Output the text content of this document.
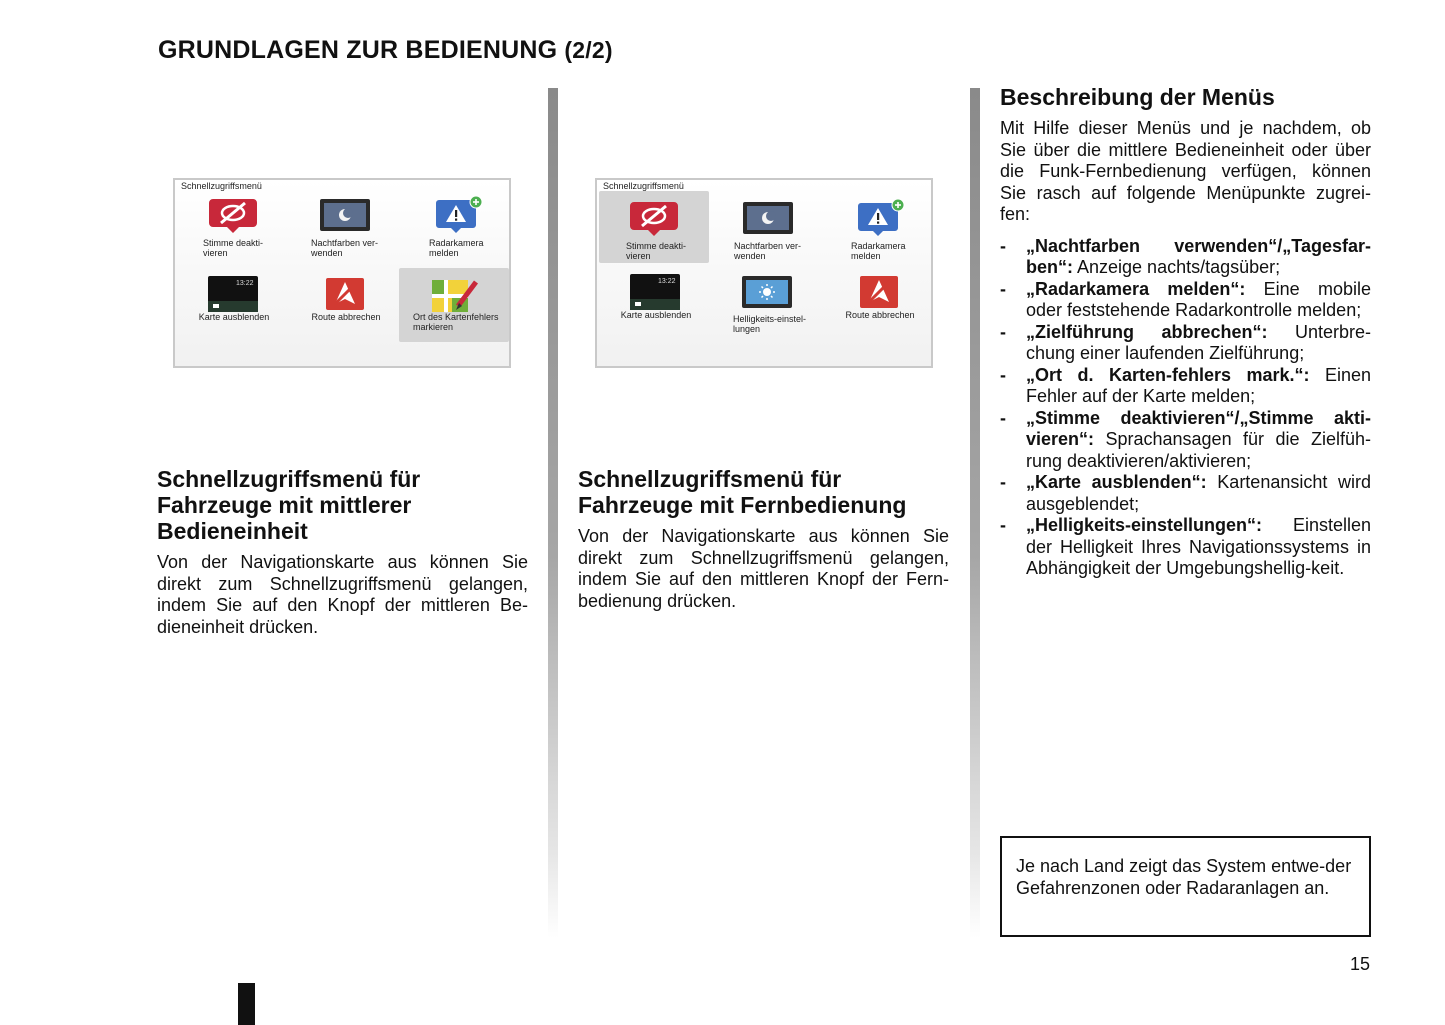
GRUNDLAGEN ZUR BEDIENUNG (2/2)
Schnellzugriffsmenü
Stimme deakti-
vieren
Nachtfarben ver-
wenden
Radarkamera
melden
13:22
Karte ausblenden	Route abbrechen	Ort des Kartenfehlers
markieren
Schnellzugriffsmenü
Stimme deakti-
vieren
Nachtfarben ver-
wenden
Radarkamera
melden
13:22
Karte ausblenden	Helligkeits-einstel-
lungen
Route abbrechen
Schnellzugriffsmenü für Fahrzeuge mit mittlerer Bedieneinheit

Von der Navigationskarte aus können Sie direkt zum Schnellzugriffsmenü gelangen, indem Sie auf den Knopf der mittleren Be-dieneinheit drücken.

Schnellzugriffsmenü für Fahrzeuge mit Fernbedienung

Von der Navigationskarte aus können Sie direkt zum Schnellzugriffsmenü gelangen, indem Sie auf den mittleren Knopf der Fern-bedienung drücken.

Beschreibung der Menüs

Mit Hilfe dieser Menüs und je nachdem, ob Sie über die mittlere Bedieneinheit oder über die Funk-Fernbedienung verfügen, können Sie rasch auf folgende Menüpunkte zugrei-fen:

- „Nachtfarben verwenden“/„Tagesfar-ben“: Anzeige nachts/tagsüber;
- „Radarkamera melden“: Eine mobile oder feststehende Radarkontrolle melden;
- „Zielführung abbrechen“: Unterbre-chung einer laufenden Zielführung;
- „Ort d. Karten-fehlers mark.“: Einen Fehler auf der Karte melden;
- „Stimme deaktivieren“/„Stimme akti-vieren“: Sprachansagen für die Zielfüh-rung deaktivieren/aktivieren;
- „Karte ausblenden“: Kartenansicht wird ausgeblendet;
- „Helligkeits-einstellungen“: Einstellen der Helligkeit Ihres Navigationssystems in Abhängigkeit der Umgebungshellig-keit.
Je nach Land zeigt das System entwe-der Gefahrenzonen oder Radaranlagen an.
15
